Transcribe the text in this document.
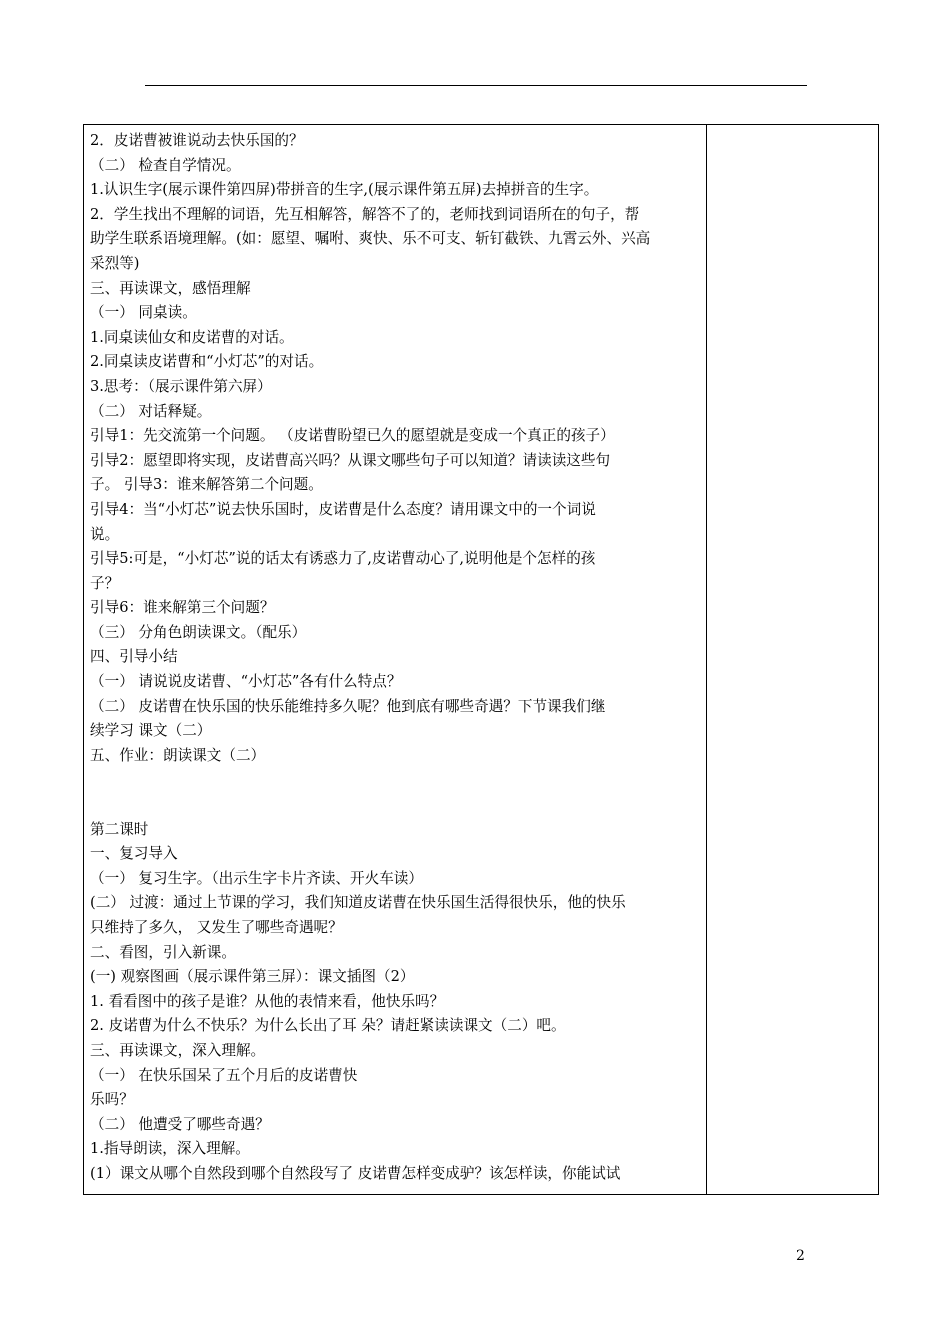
2．皮诺曹被谁说动去快乐国的？
（二） 检查自学情况。
1.认识生字(展示课件第四屏)带拼音的生字,(展示课件第五屏)去掉拼音的生字。
2．学生找出不理解的词语，先互相解答，解答不了的，老师找到词语所在的句子，帮
助学生联系语境理解。(如：愿望、嘱咐、爽快、乐不可支、斩钉截铁、九霄云外、兴高
采烈等)
三、再读课文，感悟理解
（一） 同桌读。
1.同桌读仙女和皮诺曹的对话。
2.同桌读皮诺曹和“小灯芯”的对话。
3.思考：（展示课件第六屏）
（二） 对话释疑。
引导1：先交流第一个问题。 （皮诺曹盼望已久的愿望就是变成一个真正的孩子）
引导2：愿望即将实现，皮诺曹高兴吗？从课文哪些句子可以知道？请读读这些句
子。 引导3：谁来解答第二个问题。
引导4：当“小灯芯”说去快乐国时，皮诺曹是什么态度？请用课文中的一个词说
说。
引导5:可是，“小灯芯”说的话太有诱惑力了,皮诺曹动心了,说明他是个怎样的孩
子？
引导6：谁来解第三个问题？
（三） 分角色朗读课文。（配乐）
四、引导小结
（一） 请说说皮诺曹、“小灯芯”各有什么特点？
（二） 皮诺曹在快乐国的快乐能维持多久呢？他到底有哪些奇遇？下节课我们继
续学习 课文（二）
五、作业：朗读课文（二）
第二课时
一、复习导入
（一） 复习生字。（出示生字卡片齐读、开火车读）
(二） 过渡：通过上节课的学习，我们知道皮诺曹在快乐国生活得很快乐，他的快乐
只维持了多久， 又发生了哪些奇遇呢？
二、看图，引入新课。
(一) 观察图画（展示课件第三屏）：课文插图（2）
1. 看看图中的孩子是谁？从他的表情来看，他快乐吗？
2. 皮诺曹为什么不快乐？为什么长出了耳 朵？请赶紧读读课文（二）吧。
三、再读课文，深入理解。
（一） 在快乐国呆了五个月后的皮诺曹快
乐吗？
（二） 他遭受了哪些奇遇？
1.指导朗读，深入理解。
(1）课文从哪个自然段到哪个自然段写了 皮诺曹怎样变成驴？该怎样读，你能试试
2
